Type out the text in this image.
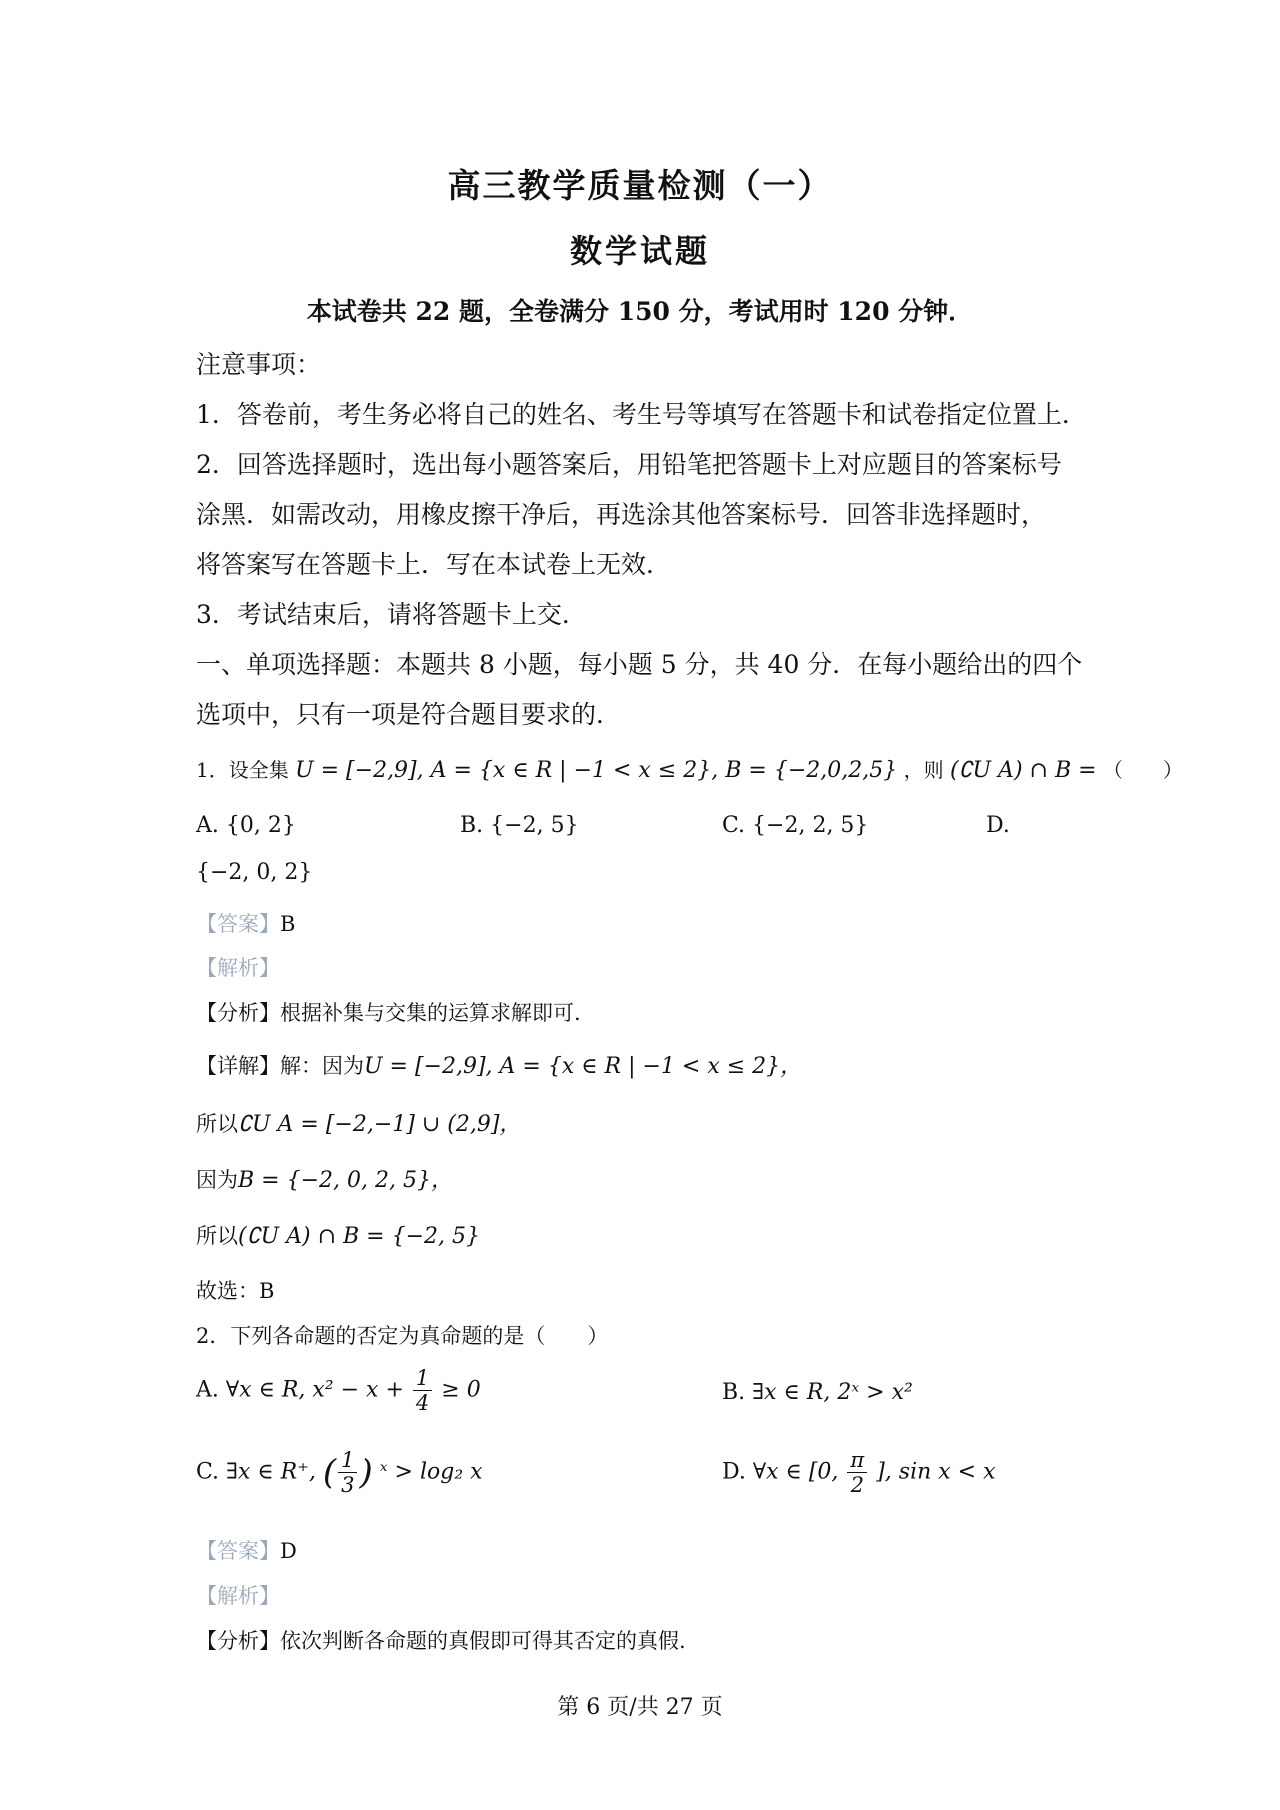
高三教学质量检测（一）
数学试题
本试卷共 22 题，全卷满分 150 分，考试用时 120 分钟．
注意事项：
1．答卷前，考生务必将自己的姓名、考生号等填写在答题卡和试卷指定位置上．
2．回答选择题时，选出每小题答案后，用铅笔把答题卡上对应题目的答案标号
涂黑．如需改动，用橡皮擦干净后，再选涂其他答案标号．回答非选择题时，
将答案写在答题卡上．写在本试卷上无效．
3．考试结束后，请将答题卡上交．
一、单项选择题：本题共 8 小题，每小题 5 分，共 40 分．在每小题给出的四个
选项中，只有一项是符合题目要求的．
1．设全集 U = [−2,9], A = {x ∈ R | −1 < x ≤ 2}, B = {−2,0,2,5} ，则 (∁U A) ∩ B = （　　）
A. {0, 2}	B. {−2, 5}	C. {−2, 2, 5}	D.
{−2, 0, 2}
【答案】B
【解析】
【分析】根据补集与交集的运算求解即可.
【详解】解：因为U = [−2,9], A = {x ∈ R | −1 < x ≤ 2}，
所以∁U A = [−2,−1] ∪ (2,9]，
因为B = {−2, 0, 2, 5}，
所以(∁U A) ∩ B = {−2, 5}
故选：B
2．下列各命题的否定为真命题的是（　　）
A. ∀x ∈ R, $x^2 - x + \frac{1}{4} \ge 0$	B. ∃x ∈ R, 2ˣ > x²
C. ∃x ∈ R⁺, ( $\frac{1}{3}$ ) ˣ > log₂ x	D. ∀x ∈ [0, $\frac{\pi}{2}$ ], sin x < x
【答案】D
【解析】
【分析】依次判断各命题的真假即可得其否定的真假.
第 6 页/共 27 页
